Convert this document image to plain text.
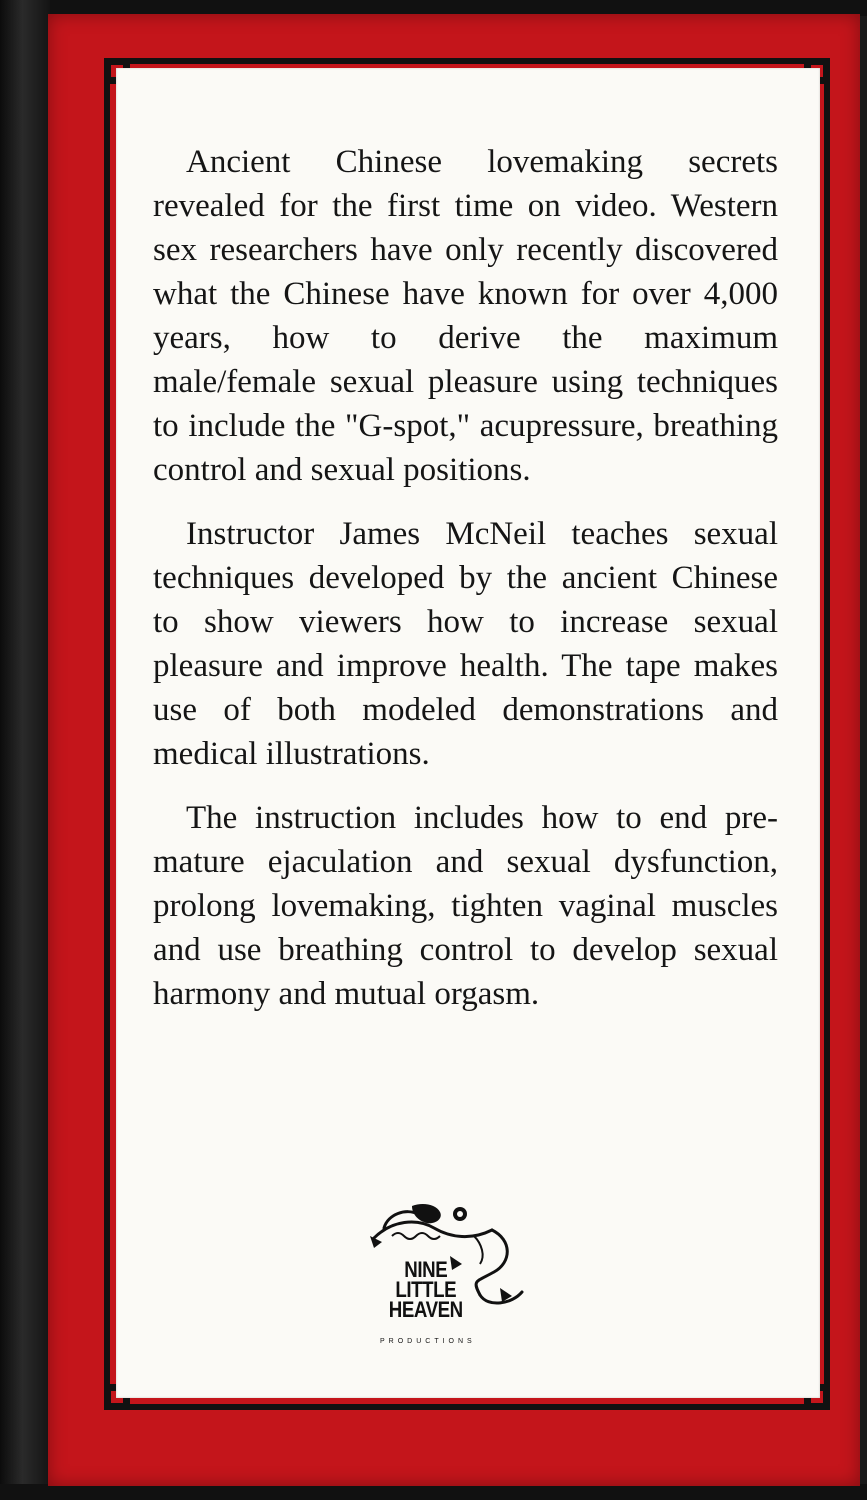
Ancient Chinese lovemaking secrets revealed for the first time on video. Western sex researchers have only recently discovered what the Chinese have known for over 4,000 years, how to derive the maximum male/female sexual pleasure using techniques to include the "G-spot," acupressure, breathing control and sexual positions.

Instructor James McNeil teaches sexual techniques developed by the ancient Chinese to show viewers how to increase sexual pleasure and improve health. The tape makes use of both modeled demonstrations and medical illustrations.

The instruction includes how to end pre-mature ejaculation and sexual dysfunction, prolong lovemaking, tighten vaginal muscles and use breathing control to develop sexual harmony and mutual orgasm.

NINE
LITTLE
HEAVEN
PRODUCTIONS
